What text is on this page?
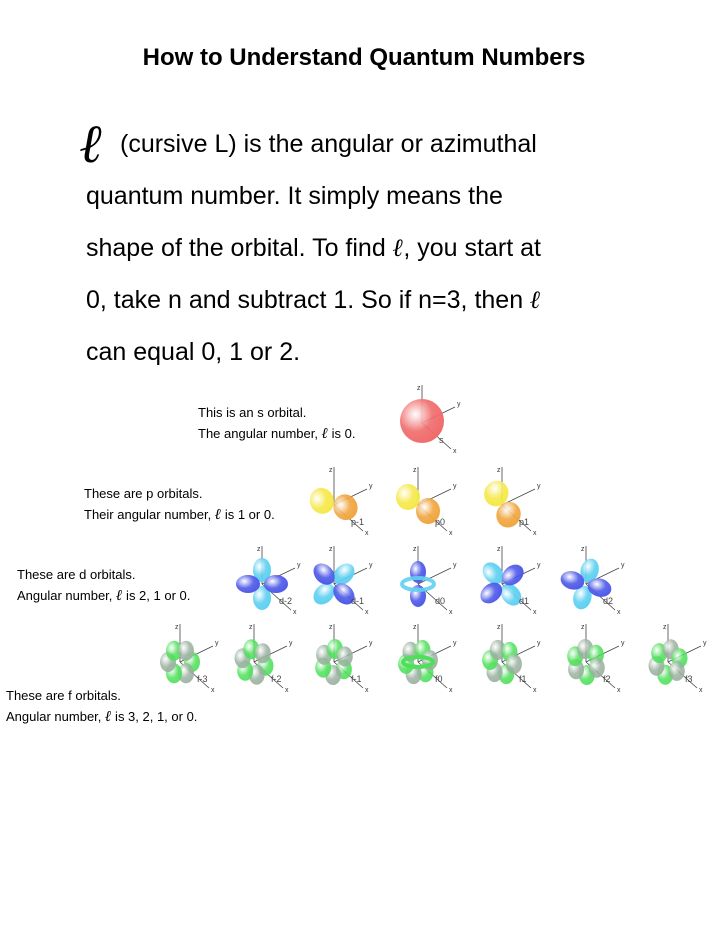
How to Understand Quantum Numbers
ℓ (cursive L) is the angular or azimuthal
quantum number. It simply means the
shape of the orbital. To find ℓ, you start at
0, take n and subtract 1. So if n=3, then ℓ
can equal 0, 1 or 2.
This is an s orbital.
The angular number, ℓ is 0.
These are p orbitals.
Their angular number, ℓ is 1 or 0.
These are d orbitals.
Angular number, ℓ is 2, 1 or 0.
These are f orbitals.
Angular number, ℓ is 3, 2, 1, or 0.
z
y
x
s
z
y
x
p-1
z
y
x
p0
z
y
x
p1
z
y
x
d-2
z
y
x
d-1
z
y
x
d0
z
y
x
d1
z
y
x
d2
z
y
x
f-3
z
y
x
f-2
z
y
x
f-1
z
y
x
f0
z
y
x
f1
z
y
x
f2
z
y
x
f3
